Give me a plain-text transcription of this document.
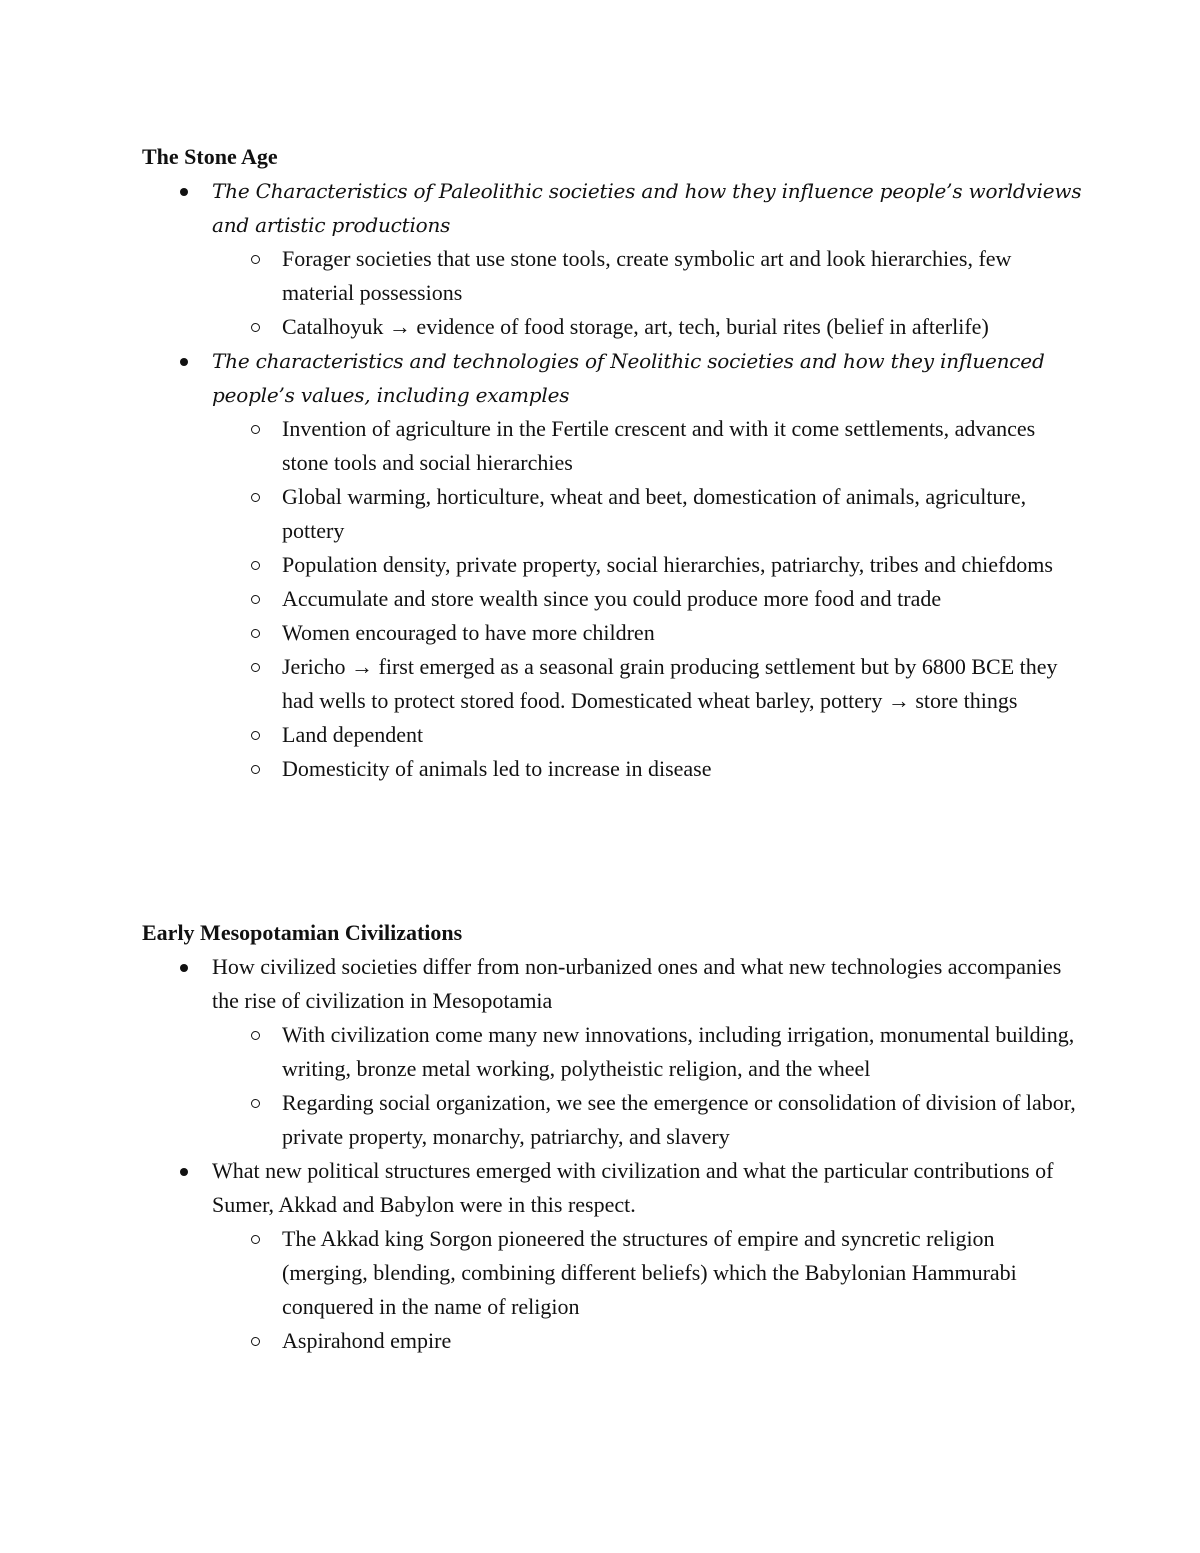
The Stone Age
The Characteristics of Paleolithic societies and how they influence people’s worldviews and artistic productions
Forager societies that use stone tools, create symbolic art and look hierarchies, few material possessions
Catalhoyuk → evidence of food storage, art, tech, burial rites (belief in afterlife)
The characteristics and technologies of Neolithic societies and how they influenced people’s values, including examples
Invention of agriculture in the Fertile crescent and with it come settlements, advances stone tools and social hierarchies
Global warming, horticulture, wheat and beet, domestication of animals, agriculture, pottery
Population density, private property, social hierarchies, patriarchy, tribes and chiefdoms
Accumulate and store wealth since you could produce more food and trade
Women encouraged to have more children
Jericho → first emerged as a seasonal grain producing settlement but by 6800 BCE they had wells to protect stored food. Domesticated wheat barley, pottery → store things
Land dependent
Domesticity of animals led to increase in disease
Early Mesopotamian Civilizations
How civilized societies differ from non-urbanized ones and what new technologies accompanies the rise of civilization in Mesopotamia
With civilization come many new innovations, including irrigation, monumental building, writing, bronze metal working, polytheistic religion, and the wheel
Regarding social organization, we see the emergence or consolidation of division of labor, private property, monarchy, patriarchy, and slavery
What new political structures emerged with civilization and what the particular contributions of Sumer, Akkad and Babylon were in this respect.
The Akkad king Sorgon pioneered the structures of empire and syncretic religion (merging, blending, combining different beliefs) which the Babylonian Hammurabi conquered in the name of religion
Aspirahond empire
